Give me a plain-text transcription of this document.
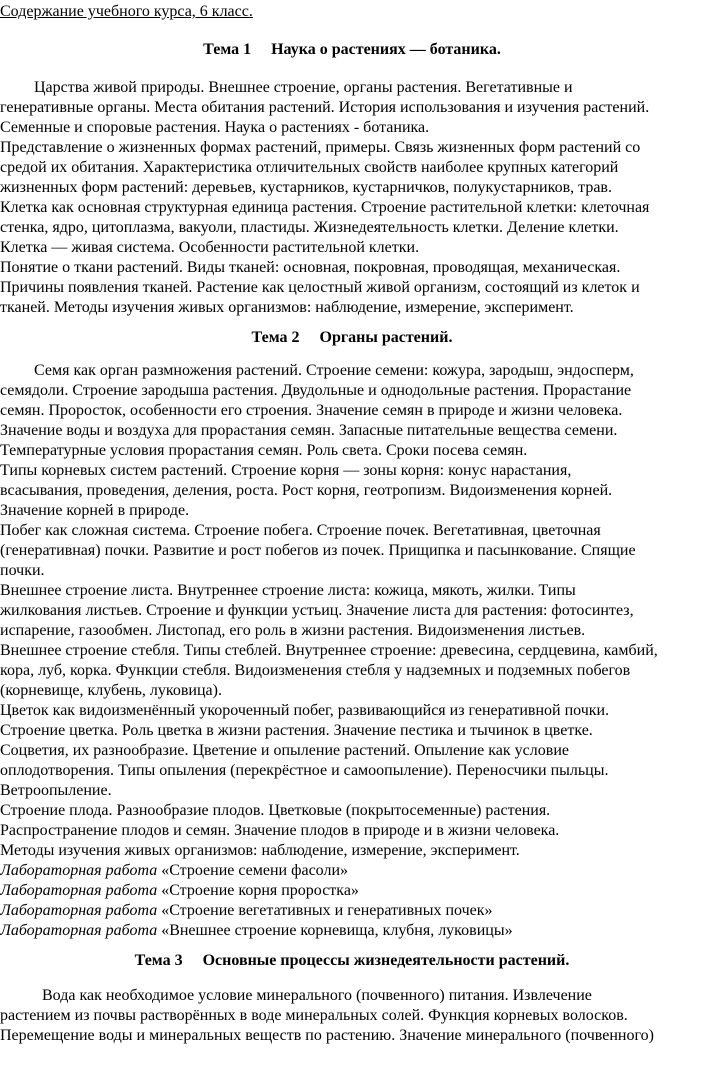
Содержание учебного курса, 6 класс.
Тема 1 Наука о растениях — ботаника.
Царства живой природы. Внешнее строение, органы растения. Вегетативные и
генеративные органы. Места обитания растений. История использования и изучения растений.
Семенные и споровые растения. Наука о растениях - ботаника.
Представление о жизненных формах растений, примеры. Связь жизненных форм растений со
средой их обитания. Характеристика отличительных свойств наиболее крупных категорий
жизненных форм растений: деревьев, кустарников, кустарничков, полукустарников, трав.
Клетка как основная структурная единица растения. Строение растительной клетки: клеточная
стенка, ядро, цитоплазма, вакуоли, пластиды. Жизнедеятельность клетки. Деление клетки.
Клетка — живая система. Особенности растительной клетки.
Понятие о ткани растений. Виды тканей: основная, покровная, проводящая, механическая.
Причины появления тканей. Растение как целостный живой организм, состоящий из клеток и
тканей. Методы изучения живых организмов: наблюдение, измерение, эксперимент.
Тема 2 Органы растений.
Семя как орган размножения растений. Строение семени: кожура, зародыш, эндосперм,
семядоли. Строение зародыша растения. Двудольные и однодольные растения. Прорастание
семян. Проросток, особенности его строения. Значение семян в природе и жизни человека.
Значение воды и воздуха для прорастания семян. Запасные питательные вещества семени.
Температурные условия прорастания семян. Роль света. Сроки посева семян.
Типы корневых систем растений. Строение корня — зоны корня: конус нарастания,
всасывания, проведения, деления, роста. Рост корня, геотропизм. Видоизменения корней.
Значение корней в природе.
Побег как сложная система. Строение побега. Строение почек. Вегетативная, цветочная
(генеративная) почки. Развитие и рост побегов из почек. Прищипка и пасынкование. Спящие
почки.
Внешнее строение листа. Внутреннее строение листа: кожица, мякоть, жилки. Типы
жилкования листьев. Строение и функции устьиц. Значение листа для растения: фотосинтез,
испарение, газообмен. Листопад, его роль в жизни растения. Видоизменения листьев.
Внешнее строение стебля. Типы стеблей. Внутреннее строение: древесина, сердцевина, камбий,
кора, луб, корка. Функции стебля. Видоизменения стебля у надземных и подземных побегов
(корневище, клубень, луковица).
Цветок как видоизменённый укороченный побег, развивающийся из генеративной почки.
Строение цветка. Роль цветка в жизни растения. Значение пестика и тычинок в цветке.
Соцветия, их разнообразие. Цветение и опыление растений. Опыление как условие
оплодотворения. Типы опыления (перекрёстное и самоопыление). Переносчики пыльцы.
Ветроопыление.
Строение плода. Разнообразие плодов. Цветковые (покрытосеменные) растения.
Распространение плодов и семян. Значение плодов в природе и в жизни человека.
Методы изучения живых организмов: наблюдение, измерение, эксперимент.
Лабораторная работа «Строение семени фасоли»
Лабораторная работа «Строение корня проростка»
Лабораторная работа «Строение вегетативных и генеративных почек»
Лабораторная работа «Внешнее строение корневища, клубня, луковицы»
Тема 3 Основные процессы жизнедеятельности растений.
Вода как необходимое условие минерального (почвенного) питания. Извлечение
растением из почвы растворённых в воде минеральных солей. Функция корневых волосков.
Перемещение воды и минеральных веществ по растению. Значение минерального (почвенного)
